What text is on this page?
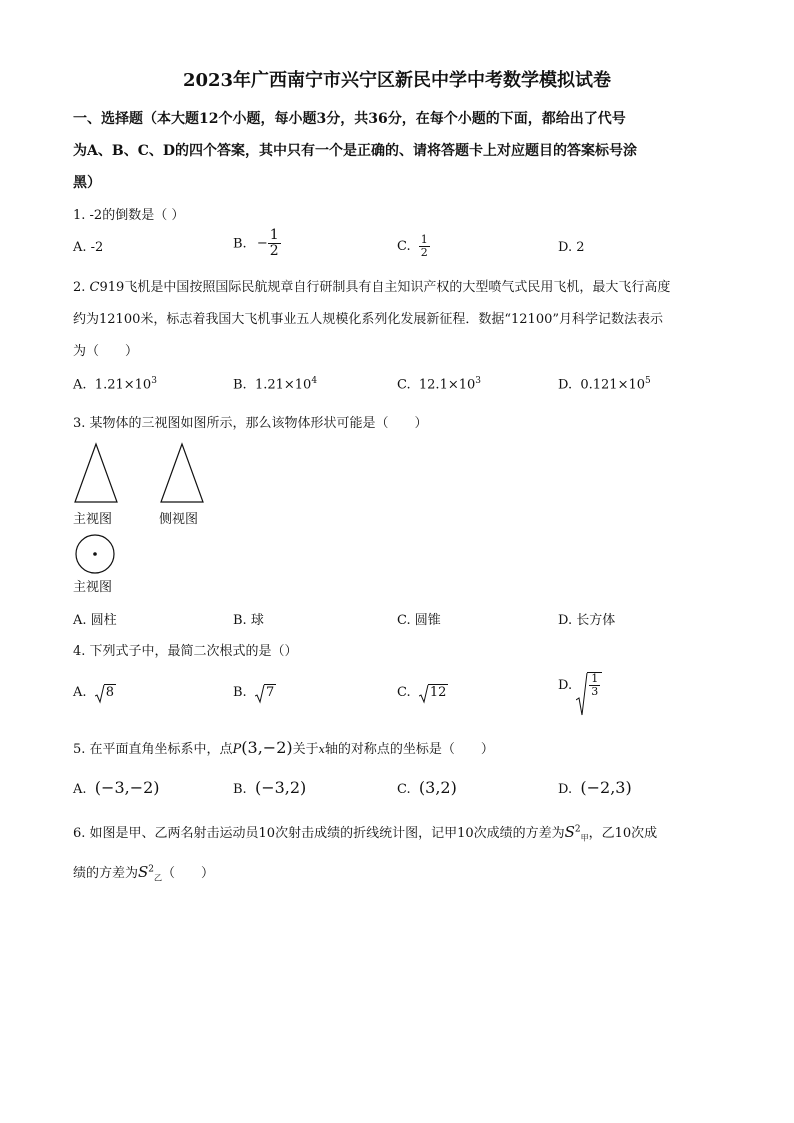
2023年广西南宁市兴宁区新民中学中考数学模拟试卷
一、选择题（本大题12个小题，每小题3分，共36分，在每个小题的下面，都给出了代号
为A、B、C、D的四个答案，其中只有一个是正确的、请将答题卡上对应题目的答案标号涂
黑）
1. -2的倒数是（ ）
A. -2	B. − $\frac{1}{2}$	C. $\frac{1}{2}$	D. 2
2. C919飞机是中国按照国际民航规章自行研制具有自主知识产权的大型喷气式民用飞机，最大飞行高度
约为12100米，标志着我国大飞机事业五人规模化系列化发展新征程．数据“12100”月科学记数法表示
为（　　）
A. $1.21\times 10^3$	B. $1.21\times 10^4$	C. $12.1\times 10^3$	D. $0.121\times 10^5$
3. 某物体的三视图如图所示，那么该物体形状可能是（　　）
主视图	侧视图
主视图
A. 圆柱	B. 球	C. 圆锥	D. 长方体
4. 下列式子中，最简二次根式的是（）
A. 8	B. 7	C. 12	D. $\frac{1}{3}$
5. 在平面直角坐标系中，点P(3,−2)关于x轴的对称点的坐标是（　　）
A. (−3,−2)	B. (−3,2)	C. (3,2)	D. (−2,3)
6. 如图是甲、乙两名射击运动员10次射击成绩的折线统计图，记甲10次成绩的方差为$S^2_甲$，乙10次成
绩的方差为$S^2_乙$（　　）
